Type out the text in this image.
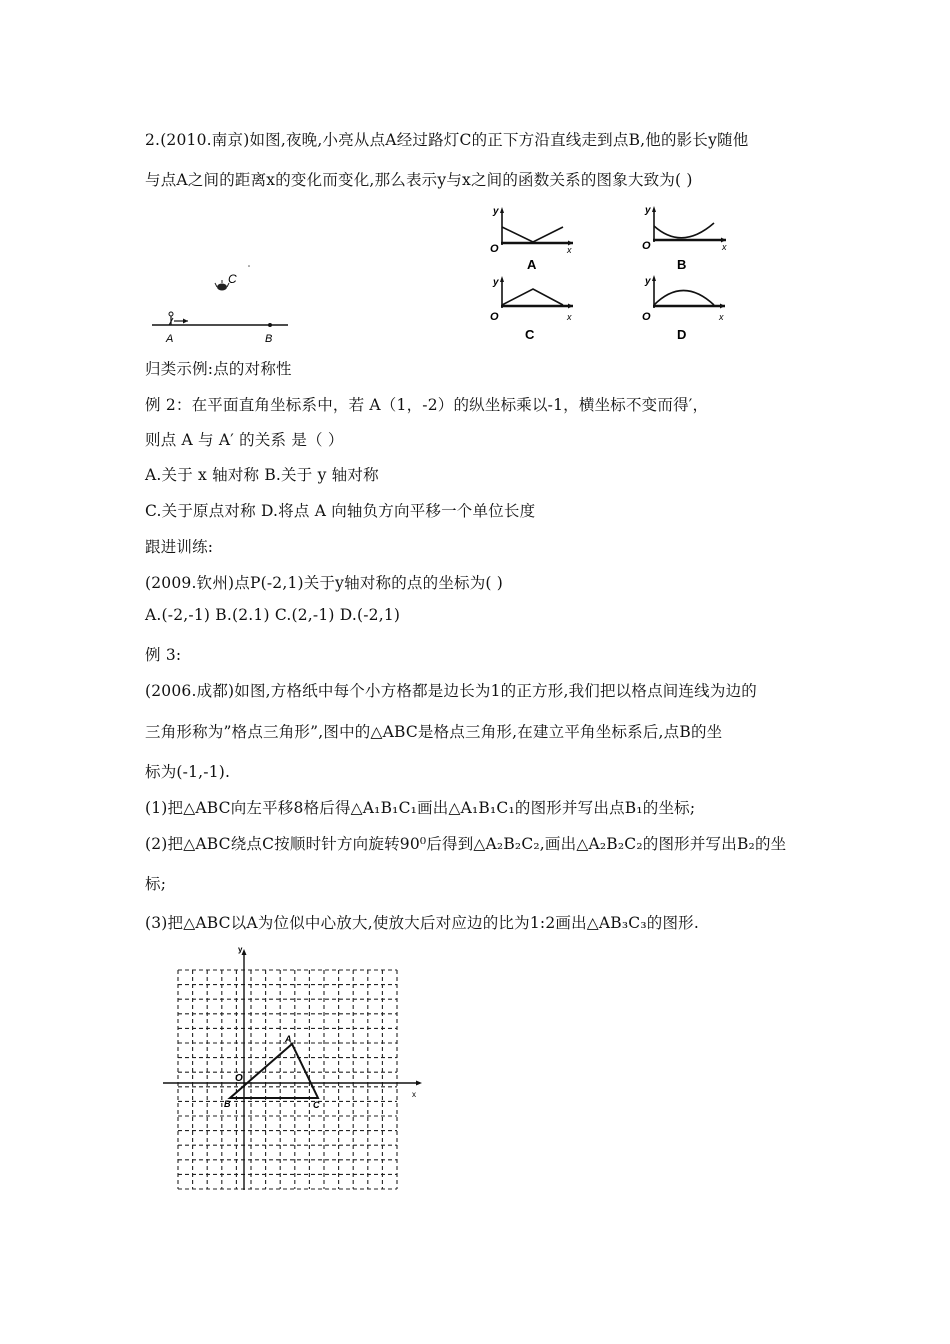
2.(2010.南京)如图,夜晚,小亮从点A经过路灯C的正下方沿直线走到点B,他的影长y随他
与点A之间的距离x的变化而变化,那么表示y与x之间的函数关系的图象大致为( )
C
A	B
y
O	x
A
y
O	x
B
y
O	x
C
y
O	x
D
归类示例:点的对称性
例 2：在平面直角坐标系中，若 A（1，-2）的纵坐标乘以-1，横坐标不变而得′，
则点 A 与 A′ 的关系 是（ ）
A.关于 x 轴对称 B.关于 y 轴对称
C.关于原点对称 D.将点 A 向轴负方向平移一个单位长度
跟进训练:
(2009.钦州)点P(-2,1)关于y轴对称的点的坐标为( )
A.(-2,-1) B.(2.1) C.(2,-1) D.(-2,1)
例 3:
(2006.成都)如图,方格纸中每个小方格都是边长为1的正方形,我们把以格点间连线为边的
三角形称为”格点三角形”,图中的△ABC是格点三角形,在建立平角坐标系后,点B的坐
标为(-1,-1).
(1)把△ABC向左平移8格后得△A₁B₁C₁画出△A₁B₁C₁的图形并写出点B₁的坐标;
(2)把△ABC绕点C按顺时针方向旋转90⁰后得到△A₂B₂C₂,画出△A₂B₂C₂的图形并写出B₂的坐
标;
(3)把△ABC以A为位似中心放大,使放大后对应边的比为1:2画出△AB₃C₃的图形.
y
x
O
A
B	C
